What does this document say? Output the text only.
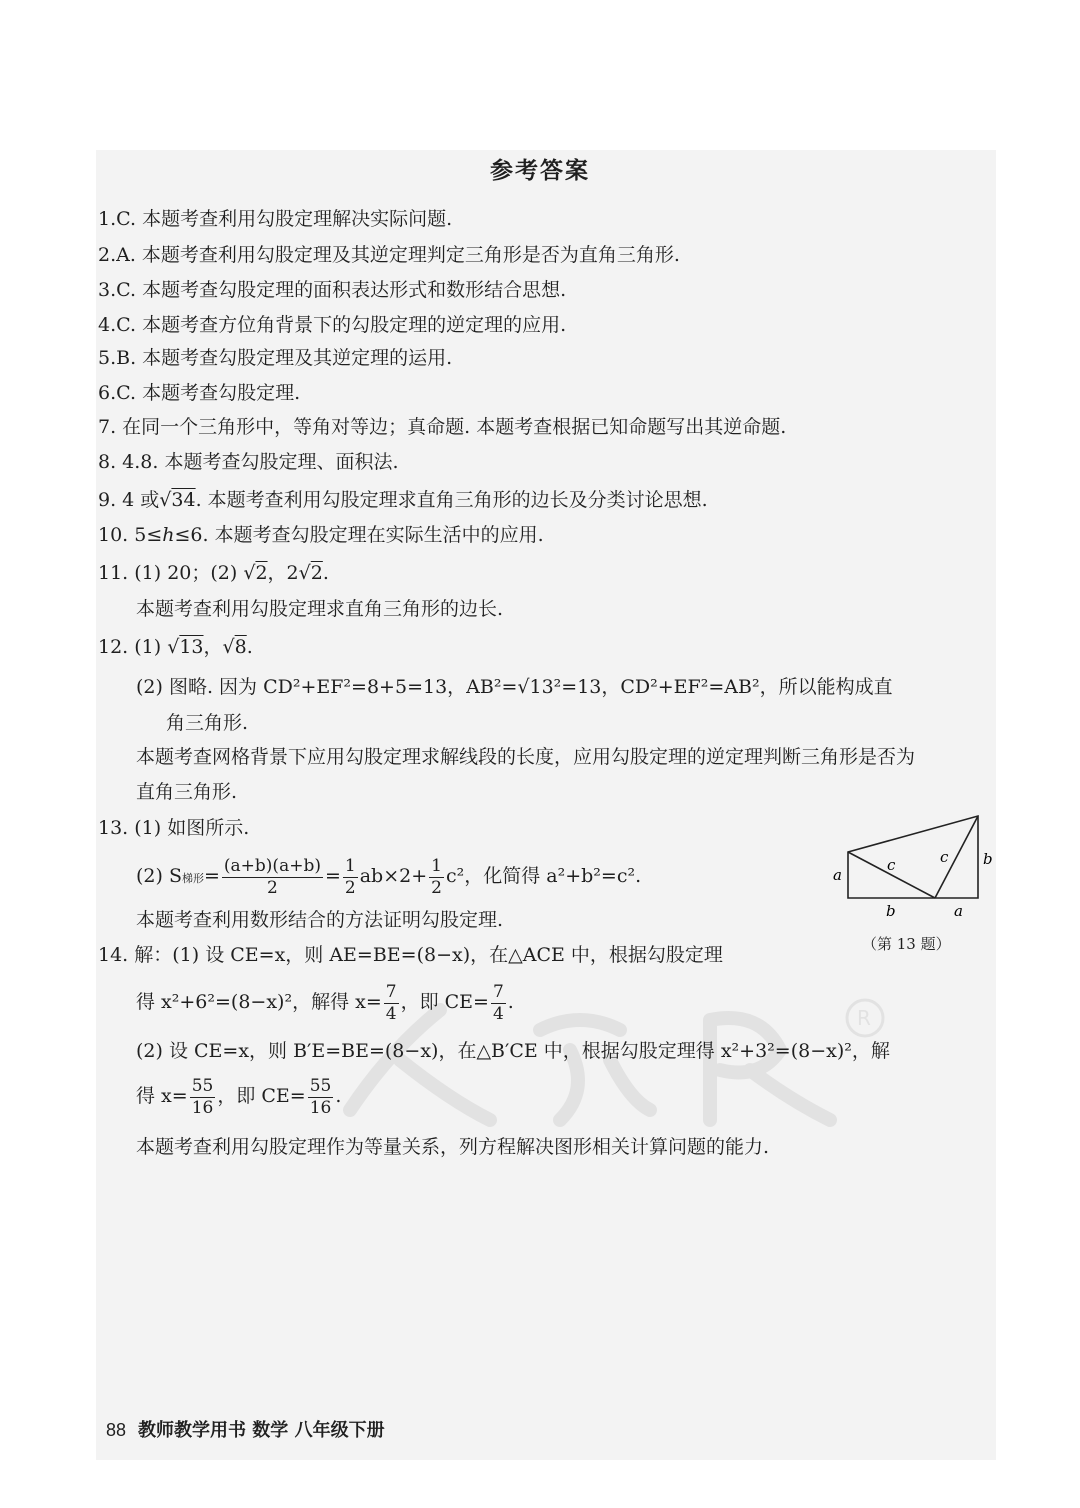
R
参考答案
1.C. 本题考查利用勾股定理解决实际问题.
2.A. 本题考查利用勾股定理及其逆定理判定三角形是否为直角三角形.
3.C. 本题考查勾股定理的面积表达形式和数形结合思想.
4.C. 本题考查方位角背景下的勾股定理的逆定理的应用.
5.B. 本题考查勾股定理及其逆定理的运用.
6.C. 本题考查勾股定理.
7. 在同一个三角形中，等角对等边；真命题. 本题考查根据已知命题写出其逆命题.
8. 4.8. 本题考查勾股定理、面积法.
9. 4 或√34. 本题考查利用勾股定理求直角三角形的边长及分类讨论思想.
10. 5≤h≤6. 本题考查勾股定理在实际生活中的应用.
11. (1) 20；(2) √2，2√2.
本题考查利用勾股定理求直角三角形的边长.
12. (1) √13，√8.
(2) 图略. 因为 CD²+EF²=8+5=13，AB²=√13²=13，CD²+EF²=AB²，所以能构成直
角三角形.
本题考查网格背景下应用勾股定理求解线段的长度，应用勾股定理的逆定理判断三角形是否为
直角三角形.
13. (1) 如图所示.
(2) S梯形= $\frac{(a+b)(a+b)}{2} = \frac{1}{2} ab\times 2+ \frac{1}{2} c^2$，化简得 a²+b²=c².
本题考查利用数形结合的方法证明勾股定理.
14. 解：(1) 设 CE=x，则 AE=BE=(8−x)，在△ACE 中，根据勾股定理
得 x²+6²=(8−x)²，解得 $x= \frac{7}{4}$ ，即 $CE= \frac{7}{4}$ .
(2) 设 CE=x，则 B′E=BE=(8−x)，在△B′CE 中，根据勾股定理得 x²+3²=(8−x)²，解
得 $x= \frac{55}{16}$ ，即 $CE= \frac{55}{16}$ .
本题考查利用勾股定理作为等量关系，列方程解决图形相关计算问题的能力.
a
b	a
b
c	c
（第 13 题）
88 教师教学用书 数学 八年级下册
